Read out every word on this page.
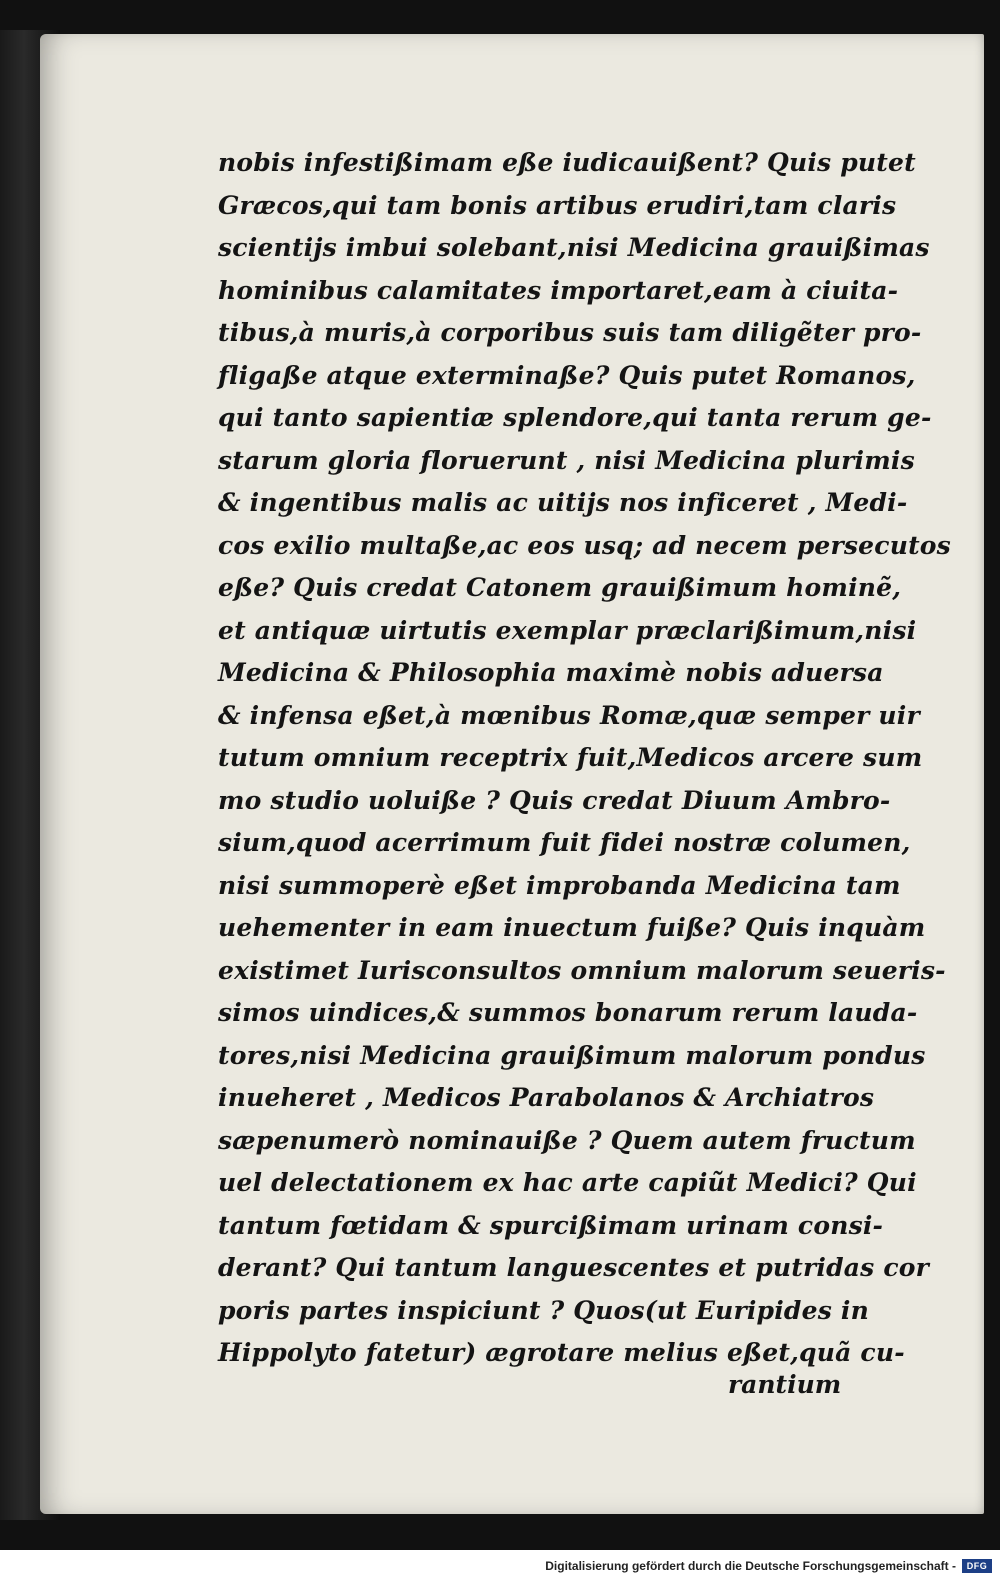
nobis infestißimam eße iudicauißent? Quis putet
Græcos,qui tam bonis artibus erudiri,tam claris
scientijs imbui solebant,nisi Medicina grauißimas
hominibus calamitates importaret,eam à ciuita-
tibus,à muris,à corporibus suis tam diligẽter pro-
fligaße atque exterminaße? Quis putet Romanos,
qui tanto sapientiæ splendore,qui tanta rerum ge-
starum gloria floruerunt , nisi Medicina plurimis
& ingentibus malis ac uitijs nos inficeret , Medi-
cos exilio multaße,ac eos usq; ad necem persecutos
eße? Quis credat Catonem grauißimum hominẽ,
et antiquæ uirtutis exemplar præclarißimum,nisi
Medicina & Philosophia maximè nobis aduersa
& infensa eßet,à mœnibus Romæ,quæ semper uir
tutum omnium receptrix fuit,Medicos arcere sum
mo studio uoluiße ? Quis credat Diuum Ambro-
sium,quod acerrimum fuit fidei nostræ columen,
nisi summoperè eßet improbanda Medicina tam
uehementer in eam inuectum fuiße? Quis inquàm
existimet Iurisconsultos omnium malorum seueris-
simos uindices,& summos bonarum rerum lauda-
tores,nisi Medicina grauißimum malorum pondus
inueheret , Medicos Parabolanos & Archiatros
sæpenumerò nominauiße ? Quem autem fructum
uel delectationem ex hac arte capiũt Medici? Qui
tantum fœtidam & spurcißimam urinam consi-
derant? Qui tantum languescentes et putridas cor
poris partes inspiciunt ? Quos(ut Euripides in
Hippolyto fatetur) ægrotare melius eßet,quã cu-
rantium
Digitalisierung gefördert durch die Deutsche Forschungsgemeinschaft -	DFG
